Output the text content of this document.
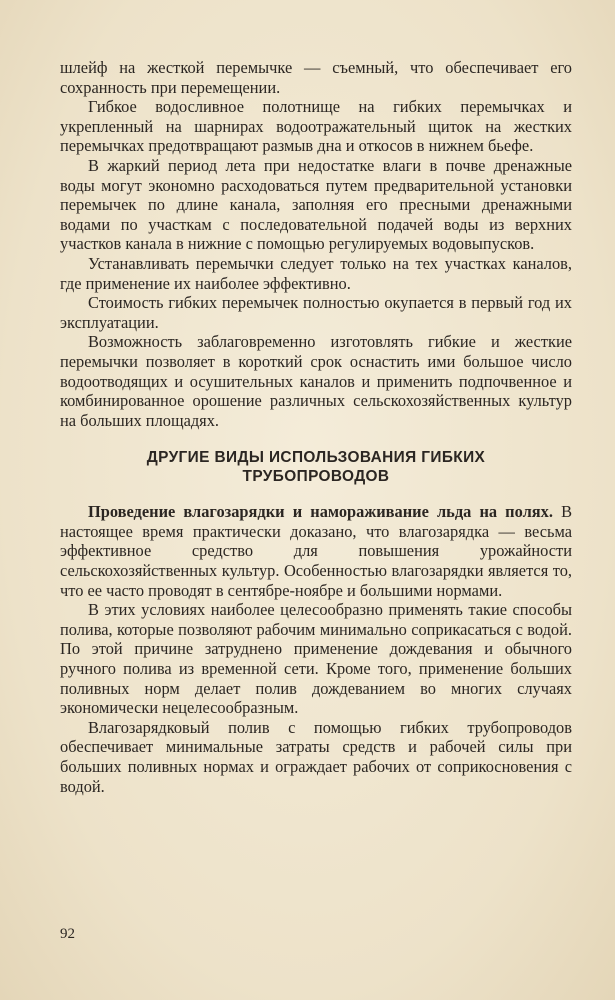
шлейф на жесткой перемычке — съемный, что обеспечивает его сохранность при перемещении.

Гибкое водосливное полотнище на гибких перемычках и укрепленный на шарнирах водоотражательный щиток на жестких перемычках предотвращают размыв дна и откосов в нижнем бьефе.

В жаркий период лета при недостатке влаги в почве дренажные воды могут экономно расходоваться путем предварительной установки перемычек по длине канала, заполняя его пресными дренажными водами по участкам с последовательной подачей воды из верхних участков канала в нижние с помощью регулируемых водовыпусков.

Устанавливать перемычки следует только на тех участках каналов, где применение их наиболее эффективно.

Стоимость гибких перемычек полностью окупается в первый год их эксплуатации.

Возможность заблаговременно изготовлять гибкие и жесткие перемычки позволяет в короткий срок оснастить ими большое число водоотводящих и осушительных каналов и применить подпочвенное и комбинированное орошение различных сельскохозяйственных культур на больших площадях.

ДРУГИЕ ВИДЫ ИСПОЛЬЗОВАНИЯ ГИБКИХ
ТРУБОПРОВОДОВ

Проведение влагозарядки и намораживание льда на полях. В настоящее время практически доказано, что влагозарядка — весьма эффективное средство для повышения урожайности сельскохозяйственных культур. Особенностью влагозарядки является то, что ее часто проводят в сентябре-ноябре и большими нормами.

В этих условиях наиболее целесообразно применять такие способы полива, которые позволяют рабочим минимально соприкасаться с водой. По этой причине затруднено применение дождевания и обычного ручного полива из временной сети. Кроме того, применение больших поливных норм делает полив дождеванием во многих случаях экономически нецелесообразным.

Влагозарядковый полив с помощью гибких трубопроводов обеспечивает минимальные затраты средств и рабочей силы при больших поливных нормах и ограждает рабочих от соприкосновения с водой.

92
